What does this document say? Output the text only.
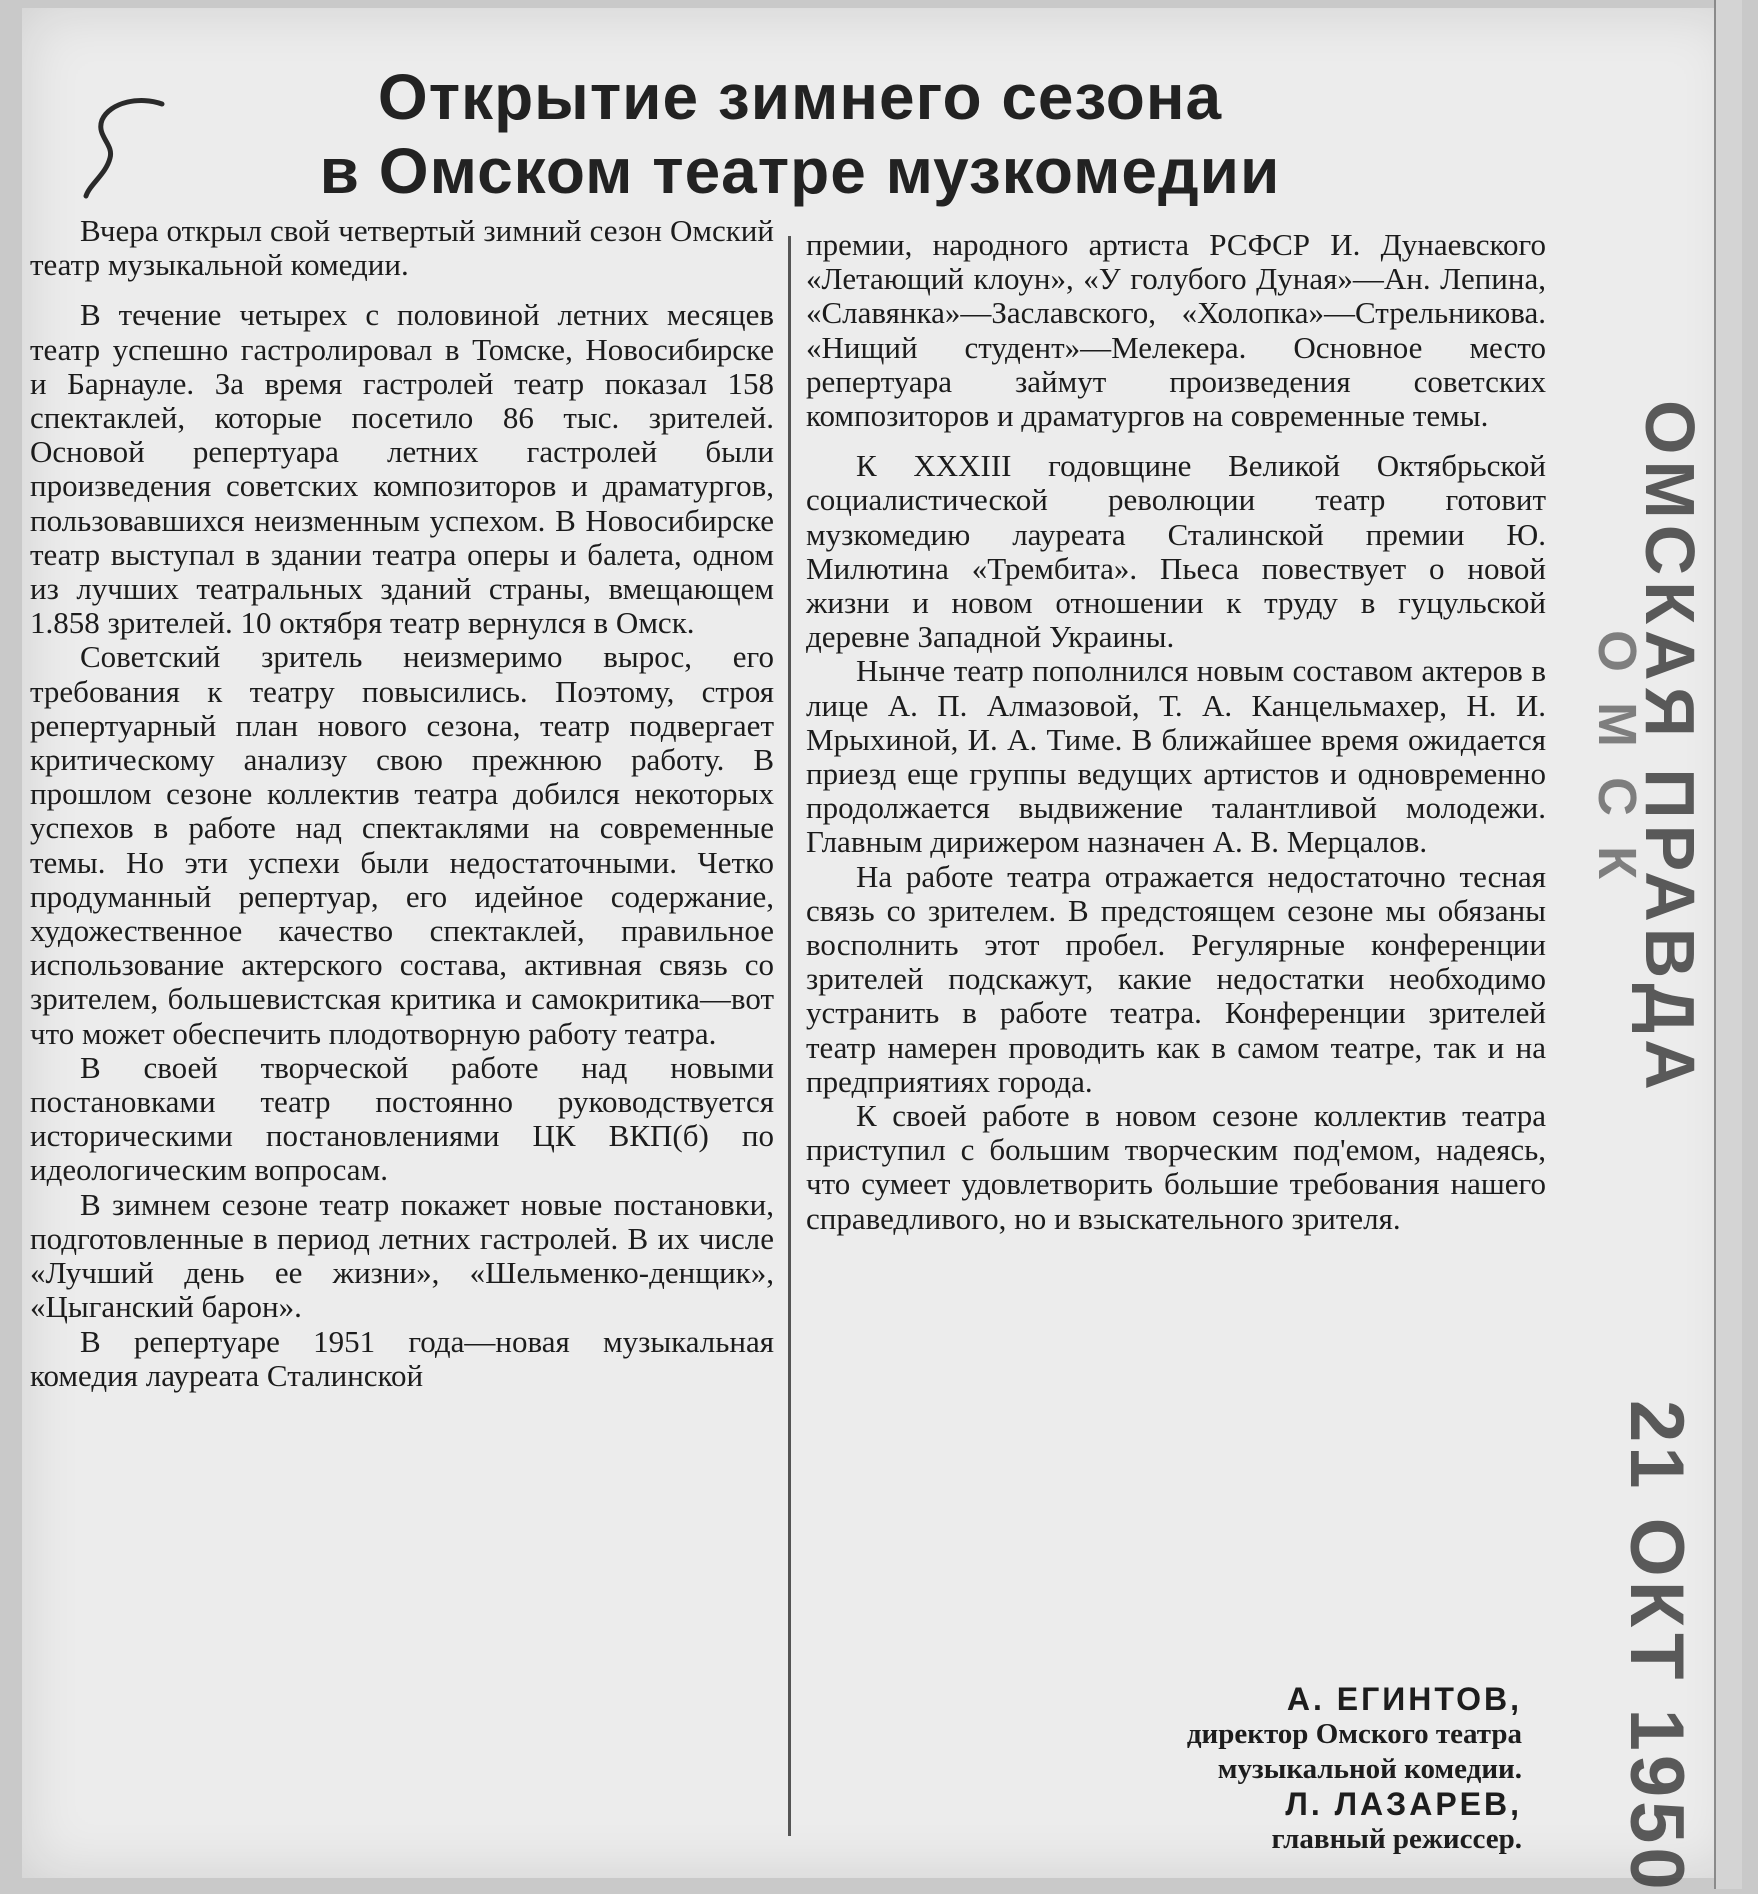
Открытие зимнего сезона
в Омском театре музкомедии

Вчера открыл свой четвертый зимний сезон Омский театр музыкальной комедии.

В течение четырех с половиной летних месяцев театр успешно гастролировал в Томске, Новосибирске и Барнауле. За время гастролей театр показал 158 спектаклей, которые посетило 86 тыс. зрителей. Основой репертуара летних гастролей были произведения советских композиторов и драматургов, пользовавшихся неизменным успехом. В Новосибирске театр выступал в здании театра оперы и балета, одном из лучших театральных зданий страны, вмещающем 1.858 зрителей. 10 октября театр вернулся в Омск.

Советский зритель неизмеримо вырос, его требования к театру повысились. Поэтому, строя репертуарный план нового сезона, театр подвергает критическому анализу свою прежнюю работу. В прошлом сезоне коллектив театра добился некоторых успехов в работе над спектаклями на современные темы. Но эти успехи были недостаточными. Четко продуманный репертуар, его идейное содержание, художественное качество спектаклей, правильное использование актерского состава, активная связь со зрителем, большевистская критика и самокритика—вот что может обеспечить плодотворную работу театра.

В своей творческой работе над новыми постановками театр постоянно руководствуется историческими постановлениями ЦК ВКП(б) по идеологическим вопросам.

В зимнем сезоне театр покажет новые постановки, подготовленные в период летних гастролей. В их числе «Лучший день ее жизни», «Шельменко-денщик», «Цыганский барон».

В репертуаре 1951 года—новая музыкальная комедия лауреата Сталинской

премии, народного артиста РСФСР И. Дунаевского «Летающий клоун», «У голубого Дуная»—Ан. Лепина, «Славянка»—Заславского, «Холопка»—Стрельникова. «Нищий студент»—Мелекера. Основное место репертуара займут произведения советских композиторов и драматургов на современные темы.

К XXXIII годовщине Великой Октябрьской социалистической революции театр готовит музкомедию лауреата Сталинской премии Ю. Милютина «Трембита». Пьеса повествует о новой жизни и новом отношении к труду в гуцульской деревне Западной Украины.

Нынче театр пополнился новым составом актеров в лице А. П. Алмазовой, Т. А. Канцельмахер, Н. И. Мрыхиной, И. А. Тиме. В ближайшее время ожидается приезд еще группы ведущих артистов и одновременно продолжается выдвижение талантливой молодежи. Главным дирижером назначен А. В. Мерцалов.

На работе театра отражается недостаточно тесная связь со зрителем. В предстоящем сезоне мы обязаны восполнить этот пробел. Регулярные конференции зрителей подскажут, какие недостатки необходимо устранить в работе театра. Конференции зрителей театр намерен проводить как в самом театре, так и на предприятиях города.

К своей работе в новом сезоне коллектив театра приступил с большим творческим под'емом, надеясь, что сумеет удовлетворить большие требования нашего справедливого, но и взыскательного зрителя.

А. ЕГИНТОВ,
директор Омского театра
музыкальной комедии.
Л. ЛАЗАРЕВ,
главный режиссер.
ОМСКАЯ ПРАВДА
ОМСК
21 ОКТ 1950
